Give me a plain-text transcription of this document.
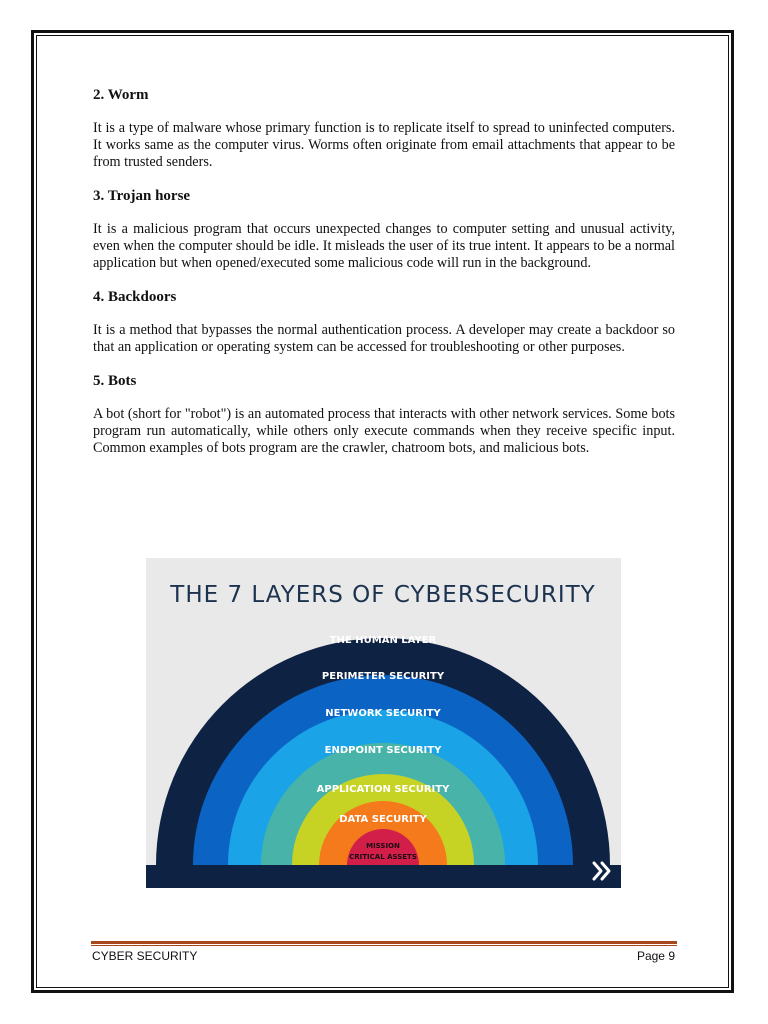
2. Worm

It is a type of malware whose primary function is to replicate itself to spread to uninfected computers. It works same as the computer virus. Worms often originate from email attachments that appear to be from trusted senders.

3. Trojan horse

It is a malicious program that occurs unexpected changes to computer setting and unusual activity, even when the computer should be idle. It misleads the user of its true intent. It appears to be a normal application but when opened/executed some malicious code will run in the background.

4. Backdoors

It is a method that bypasses the normal authentication process. A developer may create a backdoor so that an application or operating system can be accessed for troubleshooting or other purposes.

5. Bots

A bot (short for "robot") is an automated process that interacts with other network services. Some bots program run automatically, while others only execute commands when they receive specific input. Common examples of bots program are the crawler, chatroom bots, and malicious bots.

THE 7 LAYERS OF CYBERSECURITY
THE HUMAN LAYER
PERIMETER SECURITY
NETWORK SECURITY
ENDPOINT SECURITY
APPLICATION SECURITY
DATA SECURITY
MISSION
CRITICAL ASSETS
CYBER SECURITY	Page 9
